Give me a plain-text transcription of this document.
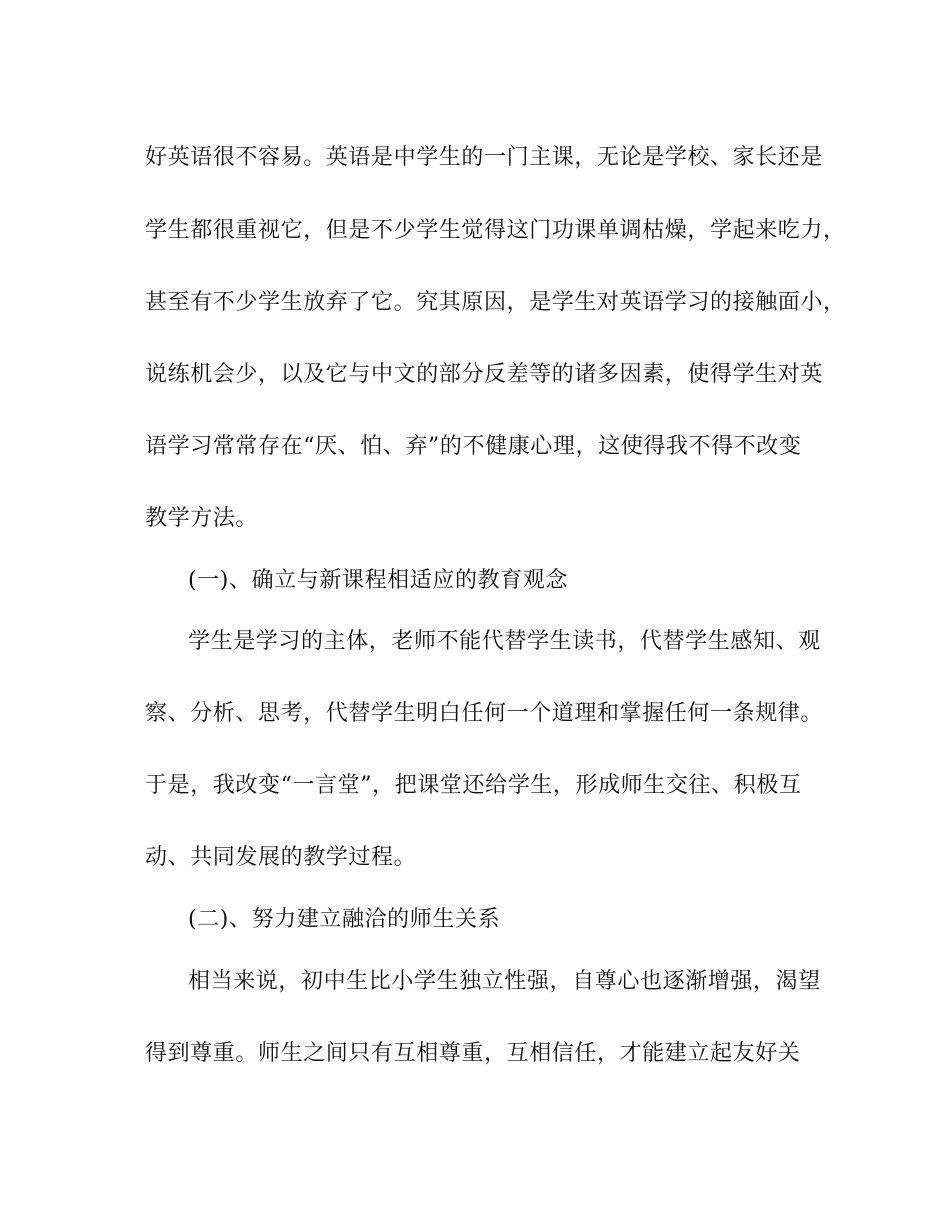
好英语很不容易。英语是中学生的一门主课，无论是学校、家长还是
学生都很重视它，但是不少学生觉得这门功课单调枯燥，学起来吃力，
甚至有不少学生放弃了它。究其原因，是学生对英语学习的接触面小，
说练机会少，以及它与中文的部分反差等的诸多因素，使得学生对英
语学习常常存在“厌、怕、弃”的不健康心理，这使得我不得不改变
教学方法。
(一)、确立与新课程相适应的教育观念
学生是学习的主体，老师不能代替学生读书，代替学生感知、观
察、分析、思考，代替学生明白任何一个道理和掌握任何一条规律。
于是，我改变“一言堂”，把课堂还给学生，形成师生交往、积极互
动、共同发展的教学过程。
(二)、努力建立融洽的师生关系
相当来说，初中生比小学生独立性强，自尊心也逐渐增强，渴望
得到尊重。师生之间只有互相尊重，互相信任，才能建立起友好关
